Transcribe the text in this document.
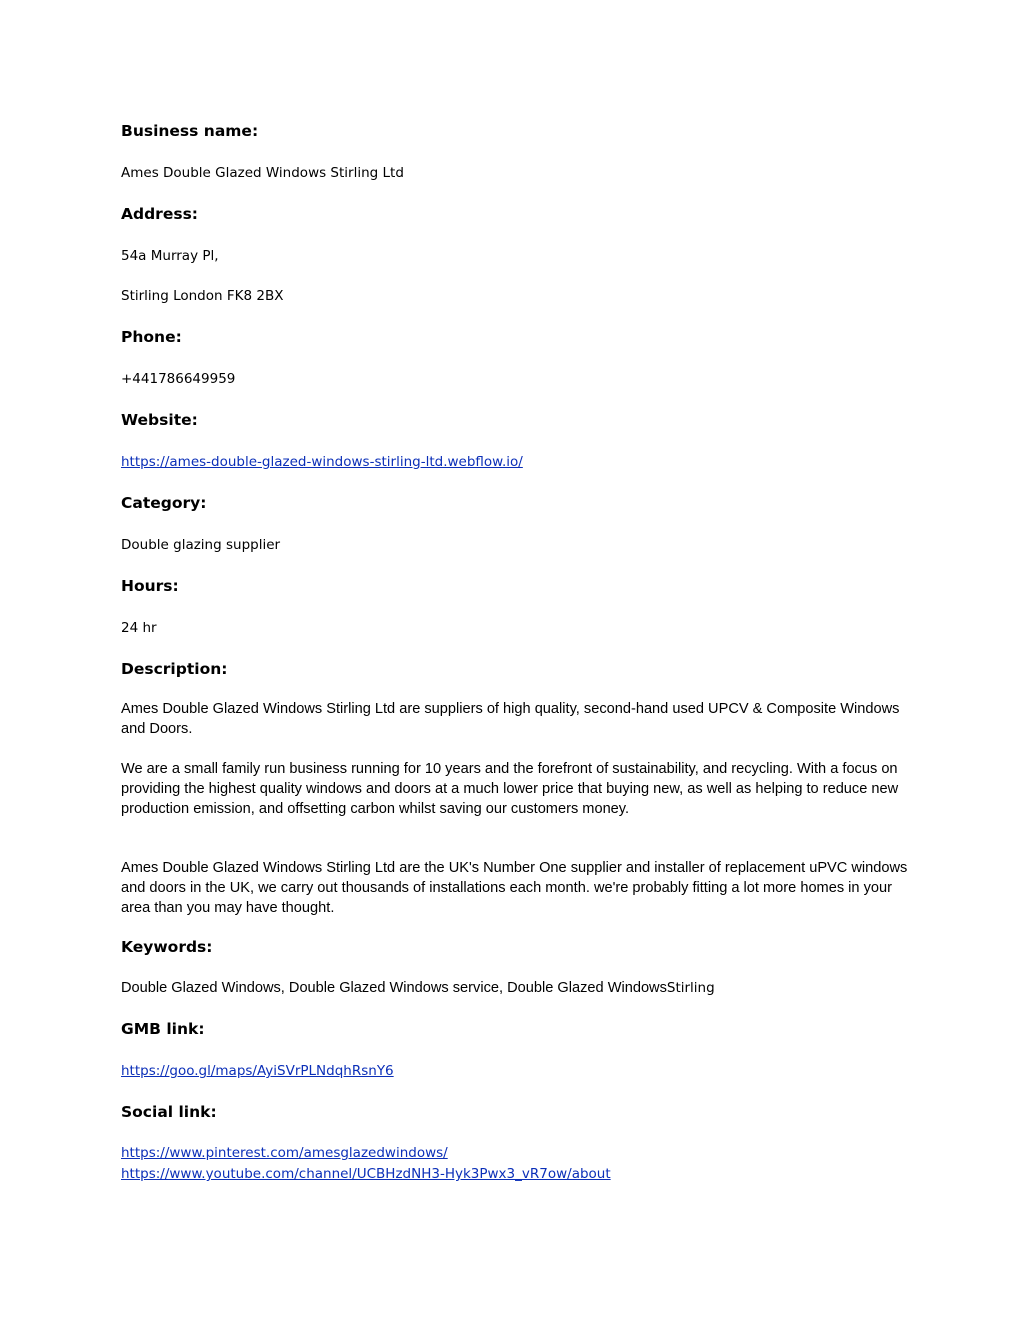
Business name:
Ames Double Glazed Windows Stirling Ltd
Address:
54a Murray Pl,
Stirling London FK8 2BX
Phone:
+441786649959
Website:
https://ames-double-glazed-windows-stirling-ltd.webflow.io/
Category:
Double glazing supplier
Hours:
24 hr
Description:
Ames Double Glazed Windows Stirling Ltd are suppliers of high quality, second-hand used UPCV & Composite Windows and Doors.
We are a small family run business running for 10 years and the forefront of sustainability, and recycling. With a focus on providing the highest quality windows and doors at a much lower price that buying new, as well as helping to reduce new production emission, and offsetting carbon whilst saving our customers money.
Ames Double Glazed Windows Stirling Ltd are the UK's Number One supplier and installer of replacement uPVC windows and doors in the UK, we carry out thousands of installations each month. we're probably fitting a lot more homes in your area than you may have thought.
Keywords:
Double Glazed Windows, Double Glazed Windows service, Double Glazed WindowsStirling
GMB link:
https://goo.gl/maps/AyiSVrPLNdqhRsnY6
Social link:
https://www.pinterest.com/amesglazedwindows/
https://www.youtube.com/channel/UCBHzdNH3-Hyk3Pwx3_vR7ow/about
